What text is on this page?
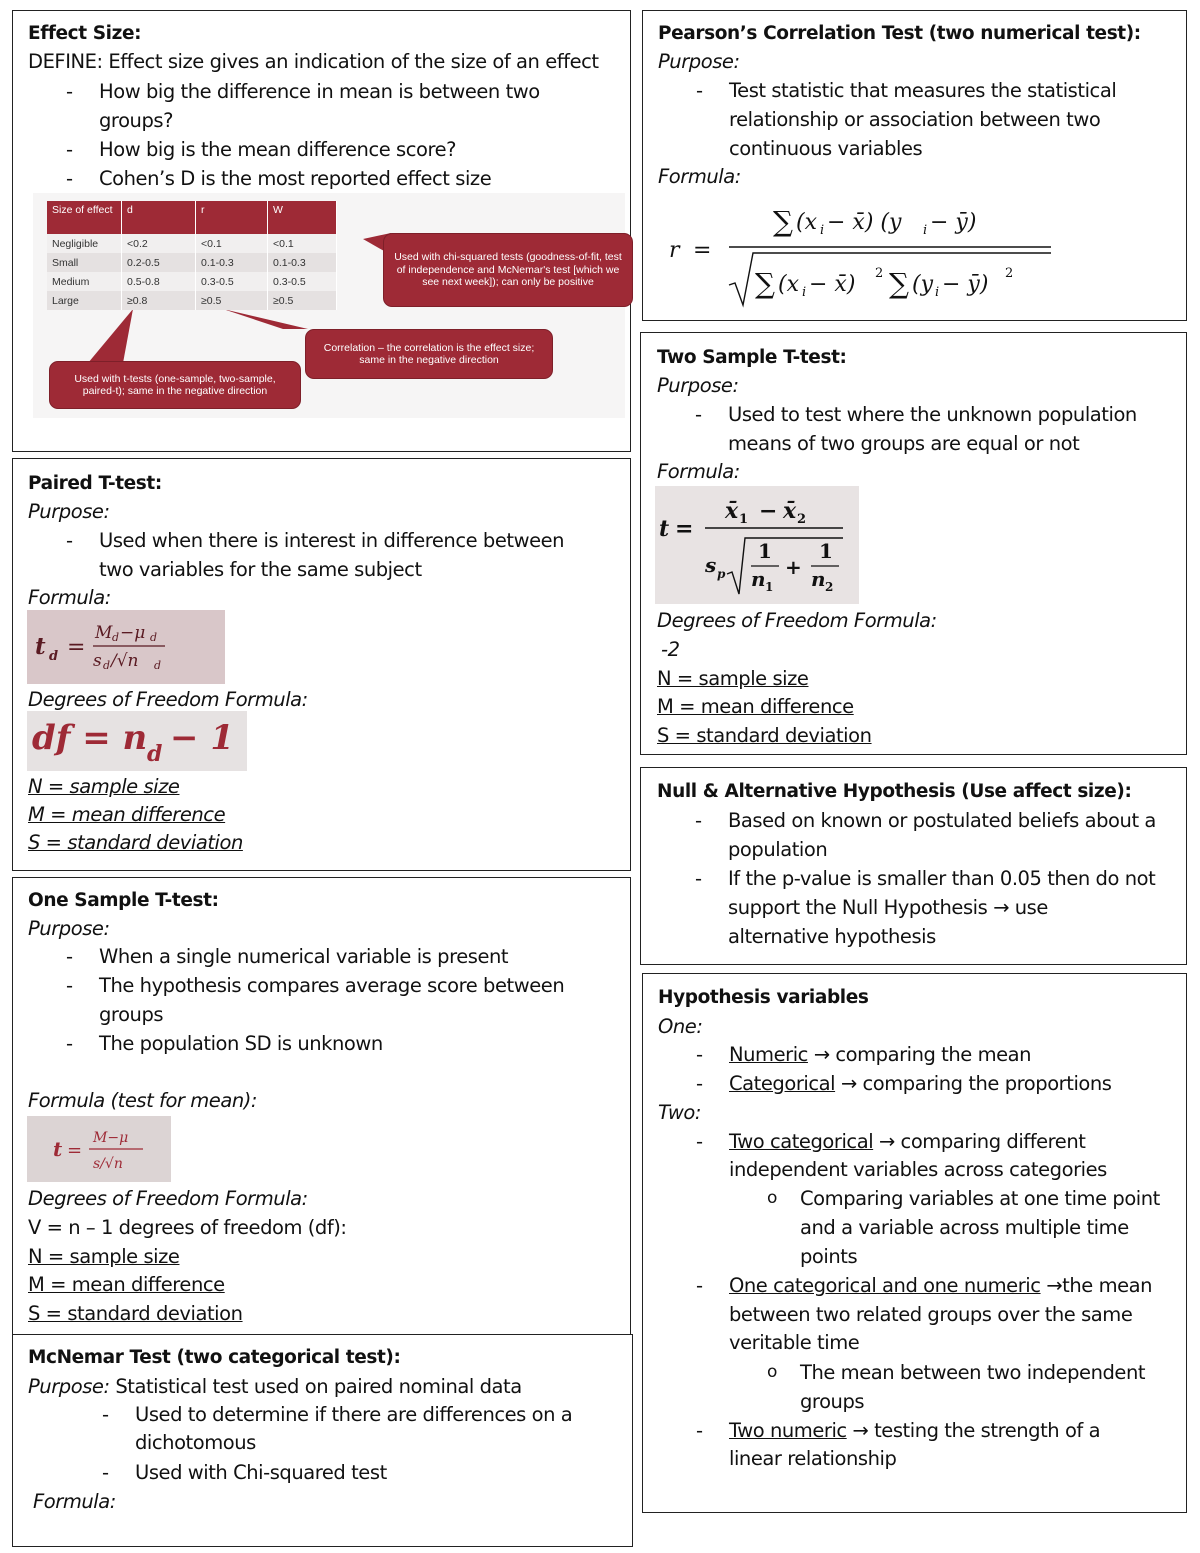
Effect Size:
DEFINE: Effect size gives an indication of the size of an effect
- How big the difference in mean is between two
groups?
- How big is the mean difference score?
- Cohen’s D is the most reported effect size
Size of effect	d	r	W
Negligible	<0.2	<0.1	<0.1
Small	0.2-0.5	0.1-0.3	0.1-0.3
Medium	0.5-0.8	0.3-0.5	0.3-0.5
Large	≥0.8	≥0.5	≥0.5
Used with chi-squared tests (goodness-of-fit, test of independence and McNemar's test [which we see next week]); can only be positive
Correlation – the correlation is the effect size; same in the negative direction
Used with t-tests (one-sample, two-sample, paired-t); same in the negative direction
Paired T-test:
Purpose:
- Used when there is interest in difference between
two variables for the same subject
Formula:
t d =
M d −μ d
s d /√n d
Degrees of Freedom Formula:
df = n d − 1
N = sample size
M = mean difference
S = standard deviation
One Sample T-test:
Purpose:
- When a single numerical variable is present
- The hypothesis compares average score between
groups
- The population SD is unknown
Formula (test for mean):
t =
M−μ
s/√n
Degrees of Freedom Formula:
V = n – 1 degrees of freedom (df):
N = sample size
M = mean difference
S = standard deviation
McNemar Test (two categorical test):
Purpose: Statistical test used on paired nominal data
- Used to determine if there are differences on a
dichotomous
- Used with Chi-squared test
Formula:
Pearson’s Correlation Test (two numerical test):
Purpose:
- Test statistic that measures the statistical
relationship or association between two
continuous variables
Formula:
r =
∑ (x i − x̄) (y i − ȳ)
∑ (x i − x̄) 2 ∑ (y i − ȳ) 2
Two Sample T-test:
Purpose:
- Used to test where the unknown population
means of two groups are equal or not
Formula:
t =
x̄ 1 − x̄ 2
s p
1
n 1
+
1
n 2
Degrees of Freedom Formula:
-2
N = sample size
M = mean difference
S = standard deviation
Null & Alternative Hypothesis (Use affect size):
- Based on known or postulated beliefs about a
population
- If the p-value is smaller than 0.05 then do not
support the Null Hypothesis → use
alternative hypothesis
Hypothesis variables
One:
- Numeric → comparing the mean
- Categorical → comparing the proportions
Two:
- Two categorical → comparing different
independent variables across categories
o Comparing variables at one time point
and a variable across multiple time
points
- One categorical and one numeric →the mean
between two related groups over the same
veritable time
o The mean between two independent
groups
- Two numeric → testing the strength of a
linear relationship
